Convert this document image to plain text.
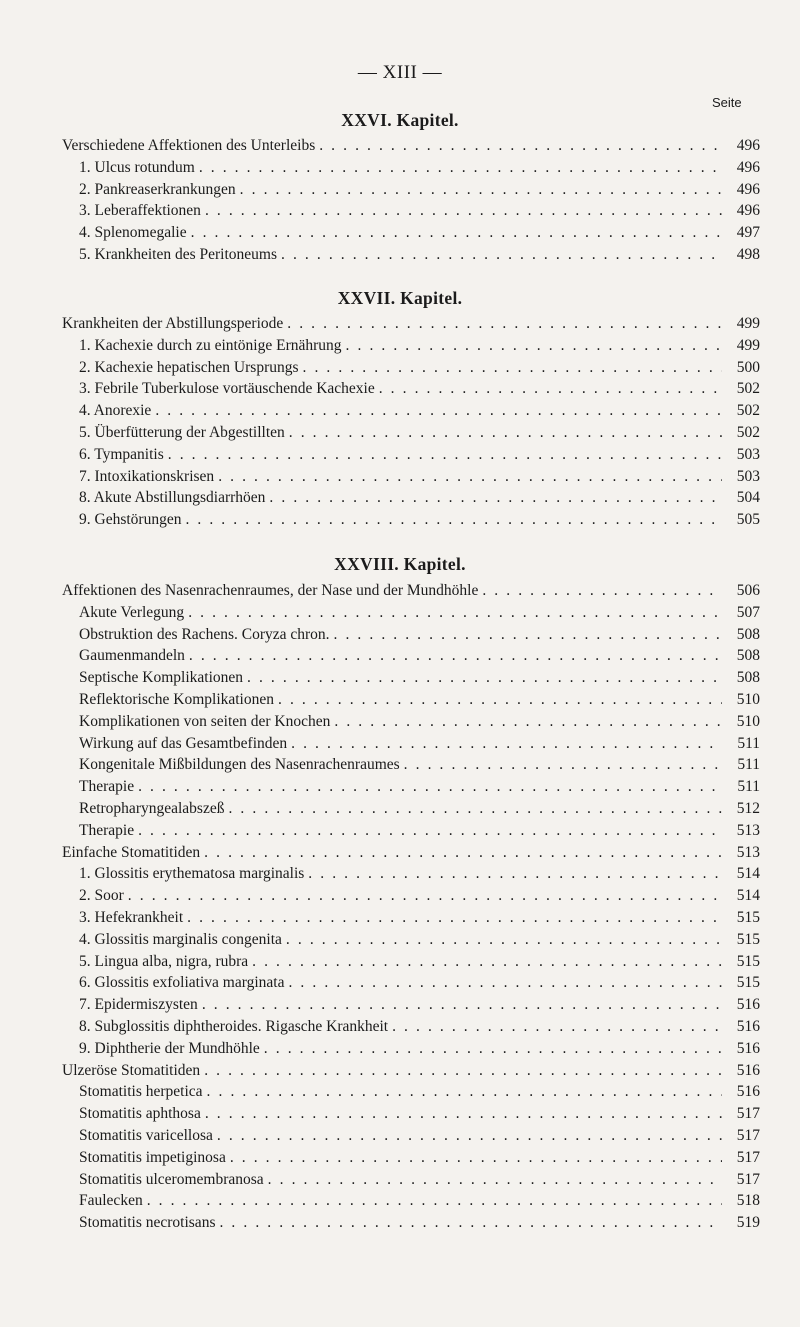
— XIII —
Seite
XXVI. Kapitel.
Verschiedene Affektionen des Unterleibs . . .	496
1. Ulcus rotundum . . .	496
2. Pankreaserkrankungen . . .	496
3. Leberaffektionen . . .	496
4. Splenomegalie . . .	497
5. Krankheiten des Peritoneums . . .	498
XXVII. Kapitel.
Krankheiten der Abstillungsperiode . . .	499
1. Kachexie durch zu eintönige Ernährung . . .	499
2. Kachexie hepatischen Ursprungs . . .	500
3. Febrile Tuberkulose vortäuschende Kachexie . . .	502
4. Anorexie . . .	502
5. Überfütterung der Abgestillten . . .	502
6. Tympanitis . . .	503
7. Intoxikationskrisen . . .	503
8. Akute Abstillungsdiarrhöen . . .	504
9. Gehstörungen . . .	505
XXVIII. Kapitel.
Affektionen des Nasenrachenraumes, der Nase und der Mundhöhle . . .	506
Akute Verlegung . . .	507
Obstruktion des Rachens. Coryza chron. . . .	508
Gaumenmandeln . . .	508
Septische Komplikationen . . .	508
Reflektorische Komplikationen . . .	510
Komplikationen von seiten der Knochen . . .	510
Wirkung auf das Gesamtbefinden . . .	511
Kongenitale Mißbildungen des Nasenrachenraumes . . .	511
Therapie . . .	511
Retropharyngealabszeß . . .	512
Therapie . . .	513
Einfache Stomatitiden . . .	513
1. Glossitis erythematosa marginalis . . .	514
2. Soor . . .	514
3. Hefekrankheit . . .	515
4. Glossitis marginalis congenita . . .	515
5. Lingua alba, nigra, rubra . . .	515
6. Glossitis exfoliativa marginata . . .	515
7. Epidermiszysten . . .	516
8. Subglossitis diphtheroides. Rigasche Krankheit . . .	516
9. Diphtherie der Mundhöhle . . .	516
Ulzeröse Stomatitiden . . .	516
Stomatitis herpetica . . .	516
Stomatitis aphthosa . . .	517
Stomatitis varicellosa . . .	517
Stomatitis impetiginosa . . .	517
Stomatitis ulceromembranosa . . .	517
Faulecken . . .	518
Stomatitis necrotisans . . .	519
